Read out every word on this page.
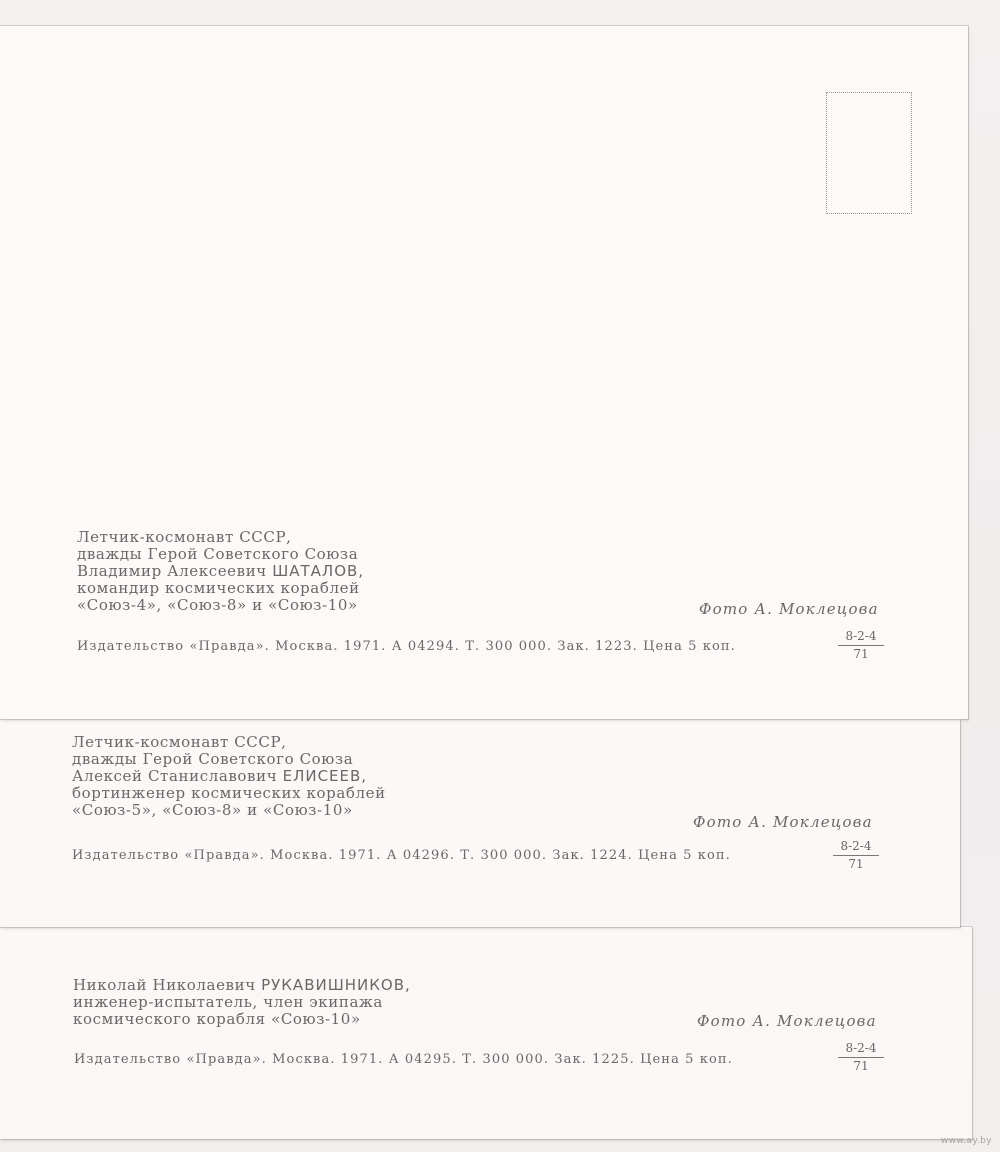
Летчик-космонавт СССР,
дважды Герой Советского Союза
Владимир Алексеевич ШАТАЛОВ,
командир космических кораблей
«Союз-4», «Союз-8» и «Союз-10»	Фото А. Моклецова
Издательство «Правда». Москва. 1971. А 04294. Т. 300 000. Зак. 1223. Цена 5 коп.	$\frac{8-2-4}{71}$
Летчик-космонавт СССР,
дважды Герой Советского Союза
Алексей Станиславович ЕЛИСЕЕВ,
бортинженер космических кораблей
«Союз-5», «Союз-8» и «Союз-10»
Фото А. Моклецова
Издательство «Правда». Москва. 1971. А 04296. Т. 300 000. Зак. 1224. Цена 5 коп.	$\frac{8-2-4}{71}$
Николай Николаевич РУКАВИШНИКОВ,
инженер-испытатель, член экипажа
космического корабля «Союз-10»	Фото А. Моклецова
Издательство «Правда». Москва. 1971. А 04295. Т. 300 000. Зак. 1225. Цена 5 коп.	$\frac{8-2-4}{71}$
www.ay.by
